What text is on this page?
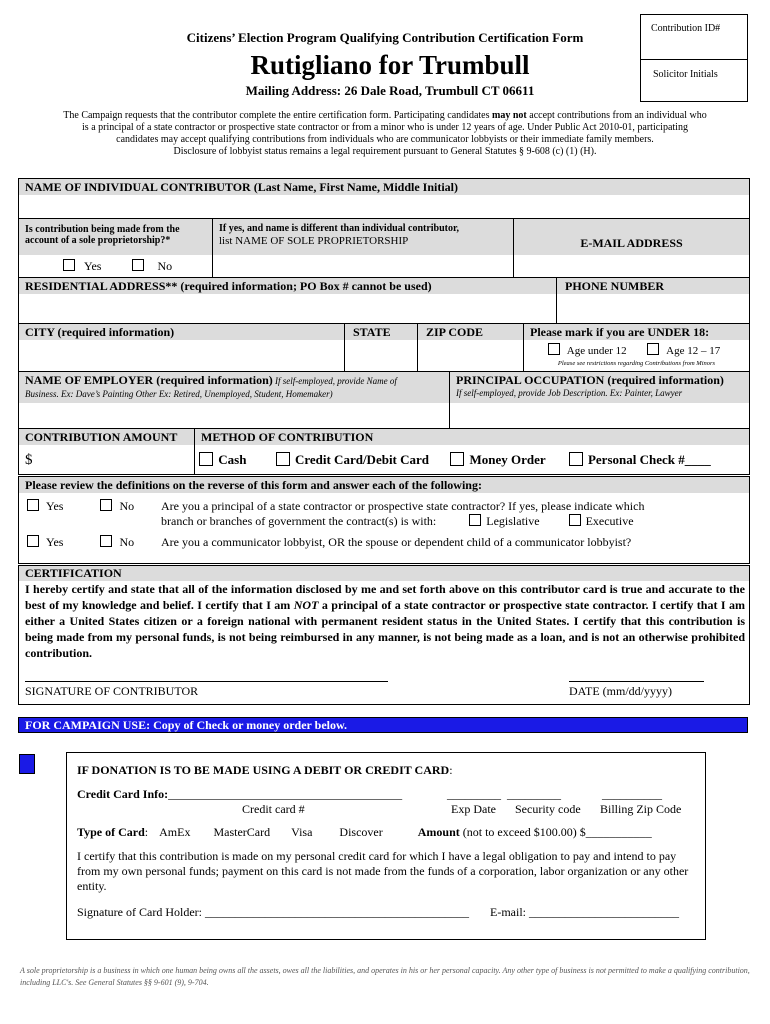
Citizens’ Election Program Qualifying Contribution Certification Form
Rutigliano for Trumbull
Mailing Address: 26 Dale Road, Trumbull CT 06611
Contribution ID#
Solicitor Initials
The Campaign requests that the contributor complete the entire certification form. Participating candidates may not accept contributions from an individual who
is a principal of a state contractor or prospective state contractor or from a minor who is under 12 years of age. Under Public Act 2010-01, participating
candidates may accept qualifying contributions from individuals who are communicator lobbyists or their immediate family members.
Disclosure of lobbyist status remains a legal requirement pursuant to General Statutes § 9-608 (c) (1) (H).
NAME OF INDIVIDUAL CONTRIBUTOR (Last Name, First Name, Middle Initial)
Is contribution being made from the
account of a sole proprietorship?*
If yes, and name is different than individual contributor,
list NAME OF SOLE PROPRIETORSHIP	E-MAIL ADDRESS
Yes	No
RESIDENTIAL ADDRESS** (required information; PO Box # cannot be used)	PHONE NUMBER
CITY (required information)	STATE	ZIP CODE	Please mark if you are UNDER 18:
Age under 12	Age 12 – 17
Please see restrictions regarding Contributions from Minors
NAME OF EMPLOYER (required information) If self-employed, provide Name of
Business. Ex: Dave’s Painting Other Ex: Retired, Unemployed, Student, Homemaker)
PRINCIPAL OCCUPATION (required information)
If self-employed, provide Job Description. Ex: Painter, Lawyer
CONTRIBUTION AMOUNT	METHOD OF CONTRIBUTION
$	Cash	Credit Card/Debit Card	Money Order	Personal Check #____
Please review the definitions on the reverse of this form and answer each of the following:
Yes	No Are you a principal of a state contractor or prospective state contractor? If yes, please indicate which
branch or branches of government the contract(s) is with:	Legislative	Executive
Yes	No Are you a communicator lobbyist, OR the spouse or dependent child of a communicator lobbyist?
CERTIFICATION
I hereby certify and state that all of the information disclosed by me and set forth above on this contributor card is true and accurate to the best of my knowledge and belief. I certify that I am NOT a principal of a state contractor or prospective state contractor. I certify that I am either a United States citizen or a foreign national with permanent resident status in the United States. I certify that this contribution is being made from my personal funds, is not being reimbursed in any manner, is not being made as a loan, and is not an otherwise prohibited contribution.
SIGNATURE OF CONTRIBUTOR	DATE (mm/dd/yyyy)
FOR CAMPAIGN USE: Copy of Check or money order below.
IF DONATION IS TO BE MADE USING A DEBIT OR CREDIT CARD:
Credit Card Info:_______________________________________	_________ _________	__________
Credit card #	Exp Date Security code Billing Zip Code
Type of Card: AmEx MasterCard Visa Discover	Amount (not to exceed $100.00) $___________
I certify that this contribution is made on my personal credit card for which I have a legal obligation to pay and intend to pay from my own personal funds; payment on this card is not made from the funds of a corporation, labor organization or any other entity.
Signature of Card Holder: ____________________________________________ E-mail: _________________________
A sole proprietorship is a business in which one human being owns all the assets, owes all the liabilities, and operates in his or her personal capacity. Any other type of business is not permitted to make a qualifying contribution, including LLC's. See General Statutes §§ 9-601 (9), 9-704.
